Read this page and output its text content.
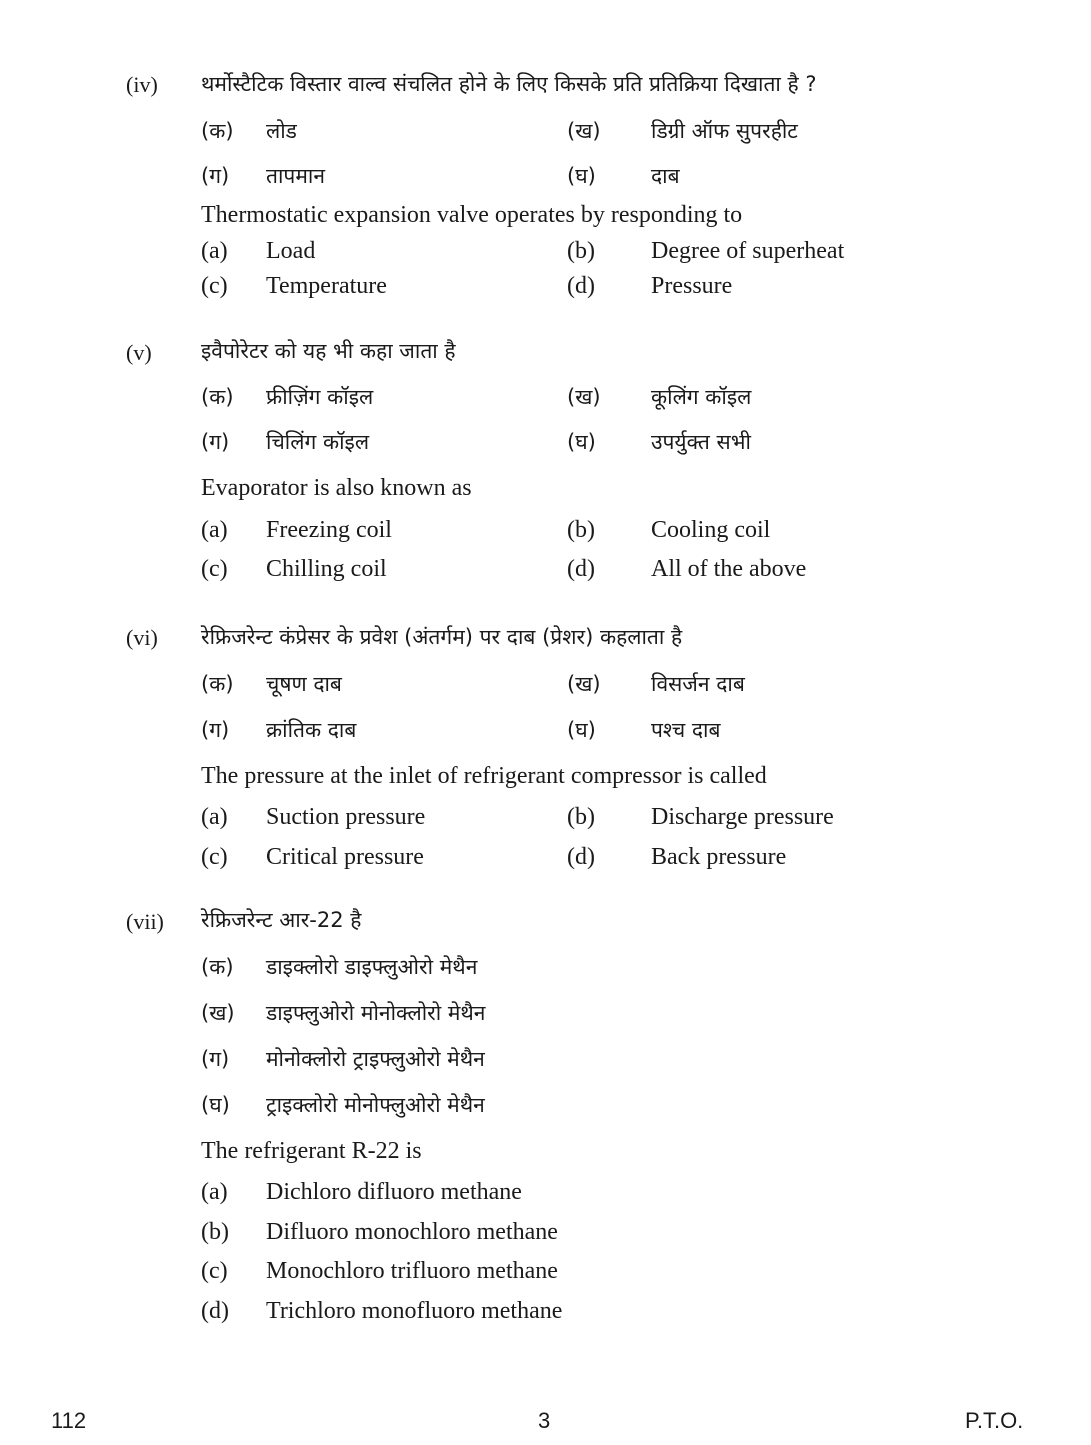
(iv) थर्मोस्टैटिक विस्तार वाल्व संचलित होने के लिए किसके प्रति प्रतिक्रिया दिखाता है ?
(क) लोड	(ख) डिग्री ऑफ सुपरहीट
(ग) तापमान	(घ)	दाब
Thermostatic expansion valve operates by responding to
(a) Load	(b) Degree of superheat
(c) Temperature	(d) Pressure
(v) इवैपोरेटर को यह भी कहा जाता है
(क) फ्रीज़िंग कॉइल	(ख) कूलिंग कॉइल
(ग) चिलिंग कॉइल	(घ)	उपर्युक्त सभी
Evaporator is also known as
(a) Freezing coil	(b) Cooling coil
(c) Chilling coil	(d) All of the above
(vi) रेफ्रिजरेन्ट कंप्रेसर के प्रवेश (अंतर्गम) पर दाब (प्रेशर) कहलाता है
(क) चूषण दाब	(ख) विसर्जन दाब
(ग) क्रांतिक दाब	(घ)	पश्च दाब
The pressure at the inlet of refrigerant compressor is called
(a) Suction pressure	(b) Discharge pressure
(c) Critical pressure	(d) Back pressure
(vii) रेफ्रिजरेन्ट आर-22 है
(क) डाइक्लोरो डाइफ्लुओरो मेथैन
(ख) डाइफ्लुओरो मोनोक्लोरो मेथैन
(ग) मोनोक्लोरो ट्राइफ्लुओरो मेथैन
(घ) ट्राइक्लोरो मोनोफ्लुओरो मेथैन
The refrigerant R-22 is
(a) Dichloro difluoro methane
(b) Difluoro monochloro methane
(c) Monochloro trifluoro methane
(d) Trichloro monofluoro methane
112	3	P.T.O.
